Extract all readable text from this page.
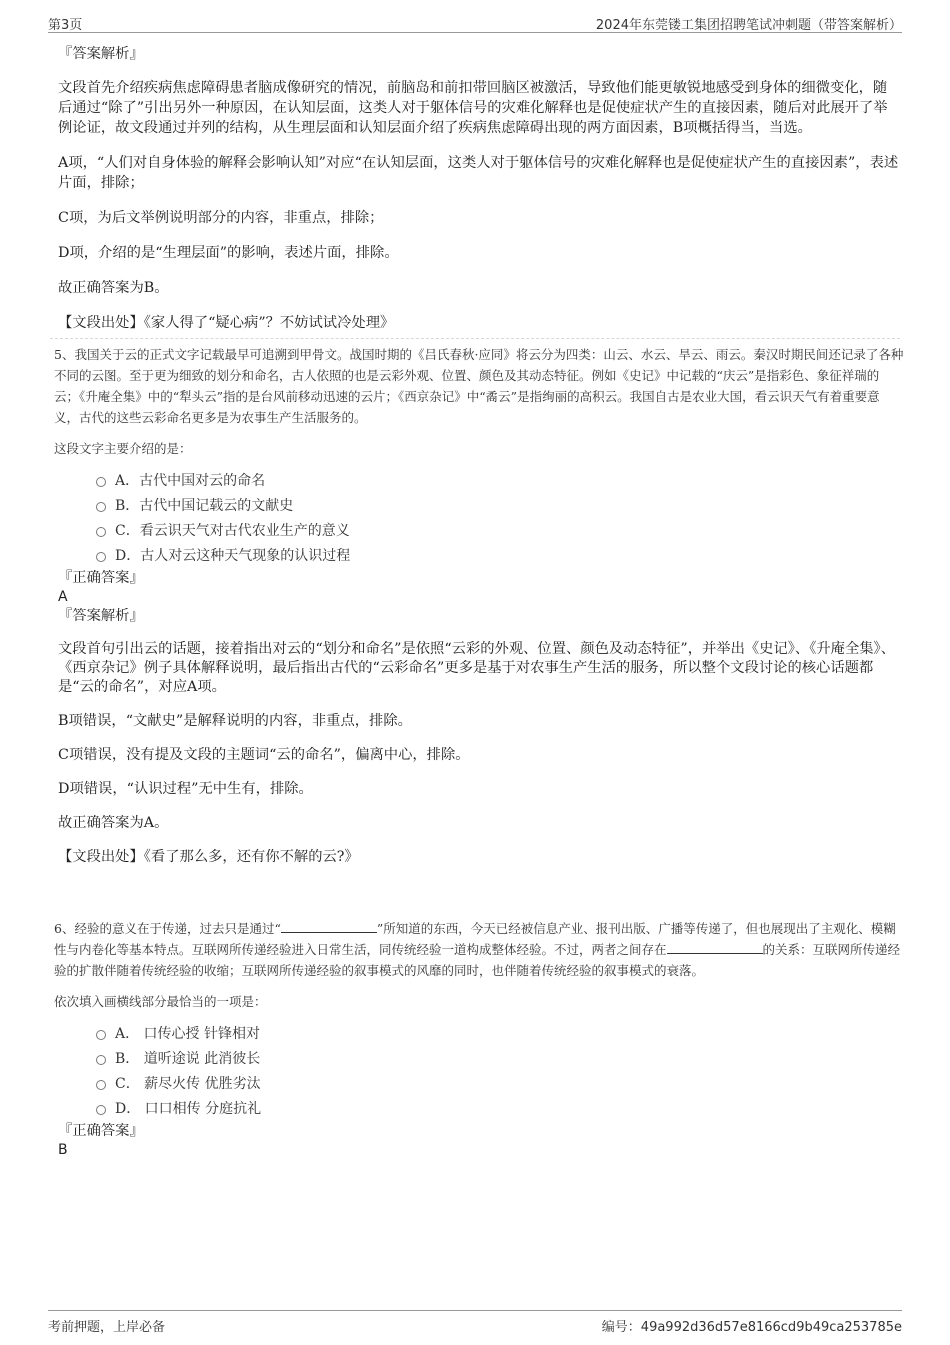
第3页	2024年东莞镂工集团招聘笔试冲刺题（带答案解析）

『答案解析』

文段首先介绍疾病焦虑障碍患者脑成像研究的情况，前脑岛和前扣带回脑区被激活，导致他们能更敏锐地感受到身体的细微变化，随后通过“除了”引出另外一种原因，在认知层面，这类人对于躯体信号的灾难化解释也是促使症状产生的直接因素，随后对此展开了举例论证，故文段通过并列的结构，从生理层面和认知层面介绍了疾病焦虑障碍出现的两方面因素，B项概括得当，当选。

A项，“人们对自身体验的解释会影响认知”对应“在认知层面，这类人对于躯体信号的灾难化解释也是促使症状产生的直接因素”，表述片面，排除；

C项，为后文举例说明部分的内容，非重点，排除；

D项，介绍的是“生理层面”的影响，表述片面，排除。

故正确答案为B。

【文段出处】《家人得了“疑心病”？不妨试试冷处理》

5、我国关于云的正式文字记载最早可追溯到甲骨文。战国时期的《吕氏春秋·应同》将云分为四类：山云、水云、旱云、雨云。秦汉时期民间还记录了各种不同的云图。至于更为细致的划分和命名，古人依照的也是云彩外观、位置、颜色及其动态特征。例如《史记》中记载的“庆云”是指彩色、象征祥瑞的云；《升庵全集》中的“犁头云”指的是台风前移动迅速的云片；《西京杂记》中“矞云”是指绚丽的高积云。我国自古是农业大国，看云识天气有着重要意义，古代的这些云彩命名更多是为农事生产生活服务的。

这段文字主要介绍的是：

A．古代中国对云的命名
B．古代中国记载云的文献史
C．看云识天气对古代农业生产的意义
D．古人对云这种天气现象的认识过程

『正确答案』

A

『答案解析』

文段首句引出云的话题，接着指出对云的“划分和命名”是依照“云彩的外观、位置、颜色及动态特征”，并举出《史记》、《升庵全集》、《西京杂记》例子具体解释说明，最后指出古代的“云彩命名”更多是基于对农事生产生活的服务，所以整个文段讨论的核心话题都是“云的命名”，对应A项。

B项错误，“文献史”是解释说明的内容，非重点，排除。

C项错误，没有提及文段的主题词“云的命名”，偏离中心，排除。

D项错误，“认识过程”无中生有，排除。

故正确答案为A。

【文段出处】《看了那么多，还有你不解的云?》

6、经验的意义在于传递，过去只是通过“	”所知道的东西，今天已经被信息产业、报刊出版、广播等传递了，但也展现出了主观化、模糊性与内卷化等基本特点。互联网所传递经验进入日常生活，同传统经验一道构成整体经验。不过，两者之间存在	的关系：互联网所传递经验的扩散伴随着传统经验的收缩；互联网所传递经验的叙事模式的风靡的同时，也伴随着传统经验的叙事模式的衰落。

依次填入画横线部分最恰当的一项是：

A． 口传心授 针锋相对
B． 道听途说 此消彼长
C． 薪尽火传 优胜劣汰
D． 口口相传 分庭抗礼

『正确答案』

B

考前押题，上岸必备	编号：49a992d36d57e8166cd9b49ca253785e
